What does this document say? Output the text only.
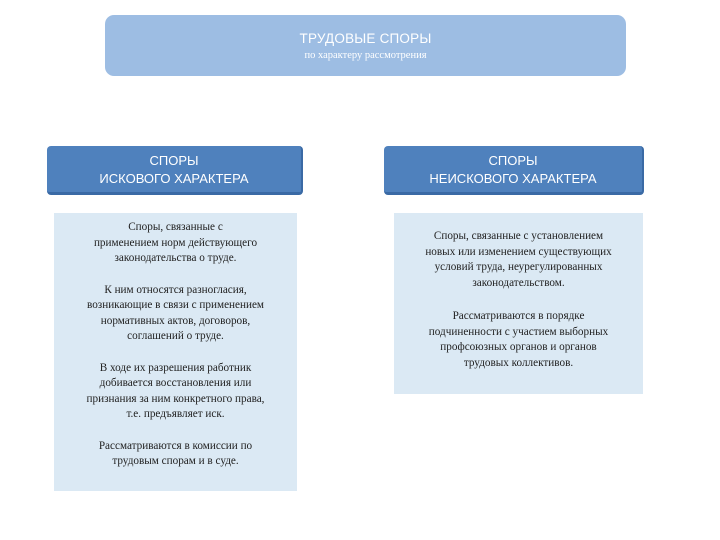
ТРУДОВЫЕ СПОРЫ
по характеру рассмотрения
СПОРЫ
ИСКОВОГО ХАРАКТЕРА
СПОРЫ
НЕИСКОВОГО ХАРАКТЕРА

Споры, связанные с
применением норм действующего
законодательства о труде.

К ним относятся разногласия,
возникающие в связи с применением
нормативных актов, договоров,
соглашений о труде.

В ходе их разрешения работник
добивается восстановления или
признания за ним конкретного права,
т.е. предъявляет иск.

Рассматриваются в комиссии по
трудовым спорам и в суде.

Споры, связанные с установлением
новых или изменением существующих
условий труда, неурегулированных
законодательством.

Рассматриваются в порядке
подчиненности с участием выборных
профсоюзных органов и органов
трудовых коллективов.
